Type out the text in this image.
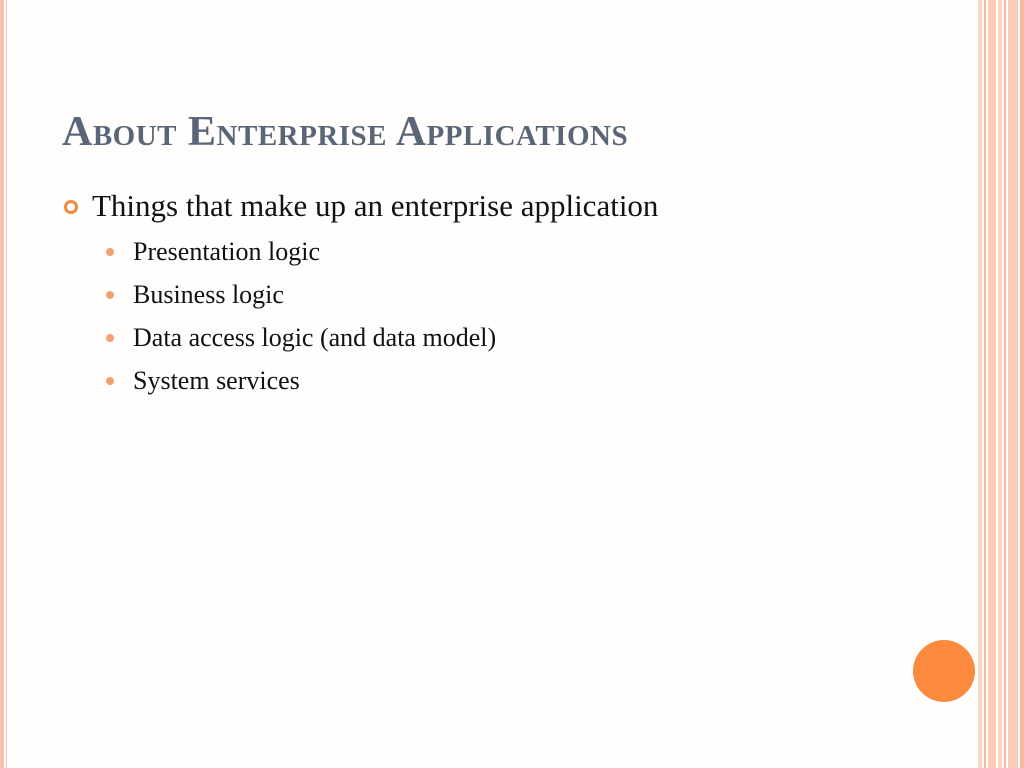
About Enterprise Applications

Things that make up an enterprise application

Presentation logic
Business logic
Data access logic (and data model)
System services
